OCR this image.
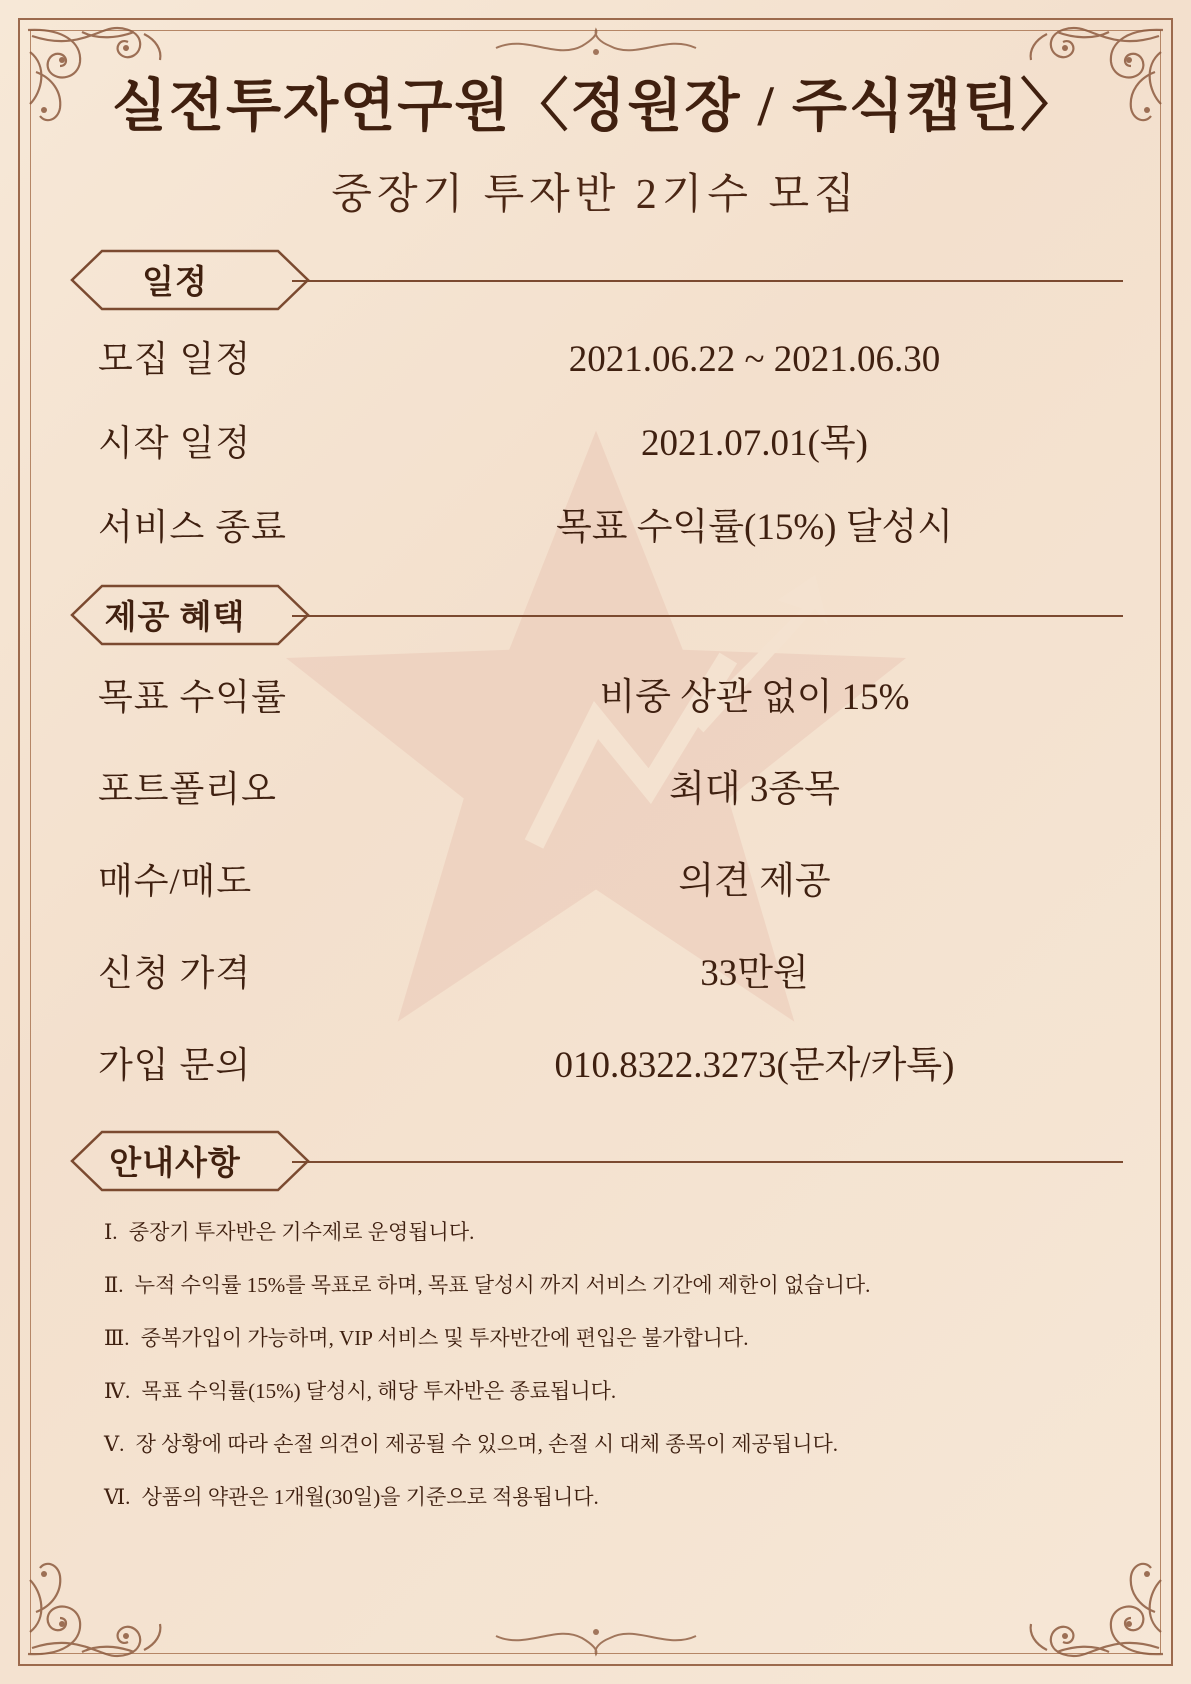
실전투자연구원〈정원장 / 주식캡틴〉
중장기 투자반 2기수 모집
일정
모집 일정	2021.06.22 ~ 2021.06.30
시작 일정	2021.07.01(목)
서비스 종료	목표 수익률(15%) 달성시
제공 혜택
목표 수익률	비중 상관 없이 15%
포트폴리오	최대 3종목
매수/매도	의견 제공
신청 가격	33만원
가입 문의	010.8322.3273(문자/카톡)
안내사항
Ⅰ. 중장기 투자반은 기수제로 운영됩니다.
Ⅱ. 누적 수익률 15%를 목표로 하며, 목표 달성시 까지 서비스 기간에 제한이 없습니다.
Ⅲ. 중복가입이 가능하며, VIP 서비스 및 투자반간에 편입은 불가합니다.
Ⅳ. 목표 수익률(15%) 달성시, 해당 투자반은 종료됩니다.
Ⅴ. 장 상황에 따라 손절 의견이 제공될 수 있으며, 손절 시 대체 종목이 제공됩니다.
Ⅵ. 상품의 약관은 1개월(30일)을 기준으로 적용됩니다.
